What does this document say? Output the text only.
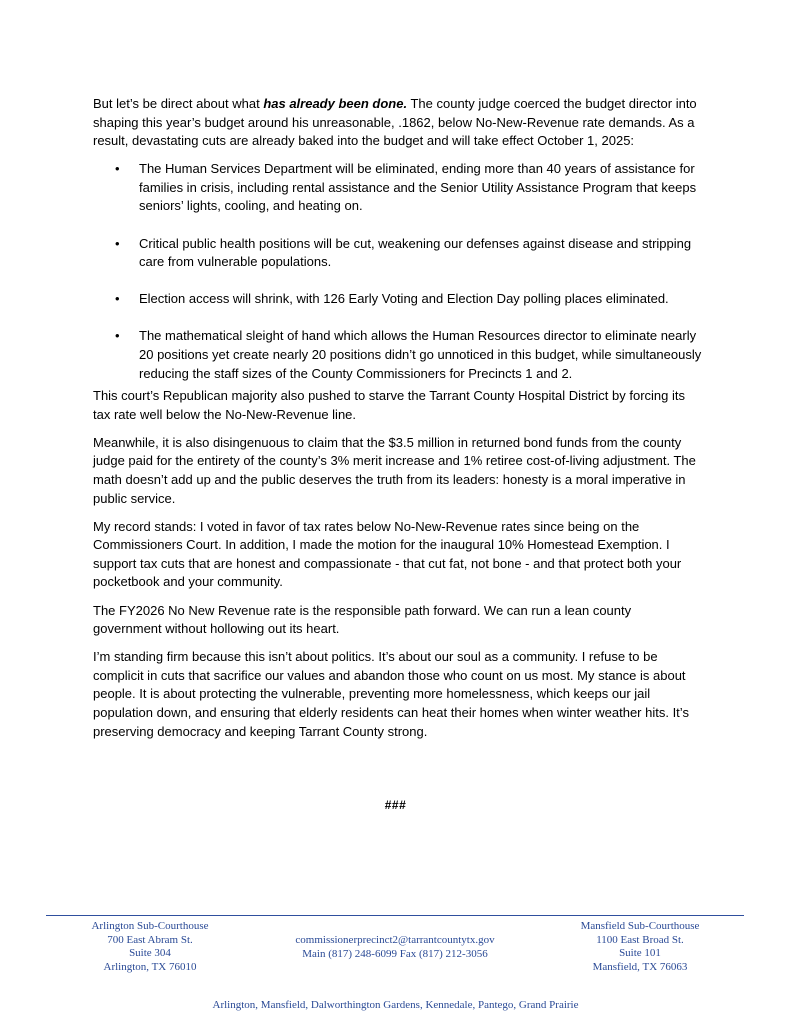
But let’s be direct about what has already been done. The county judge coerced the budget director into shaping this year’s budget around his unreasonable, .1862, below No-New-Revenue rate demands. As a result, devastating cuts are already baked into the budget and will take effect October 1, 2025:

• The Human Services Department will be eliminated, ending more than 40 years of assistance for families in crisis, including rental assistance and the Senior Utility Assistance Program that keeps seniors’ lights, cooling, and heating on.
• Critical public health positions will be cut, weakening our defenses against disease and stripping care from vulnerable populations.
• Election access will shrink, with 126 Early Voting and Election Day polling places eliminated.
• The mathematical sleight of hand which allows the Human Resources director to eliminate nearly 20 positions yet create nearly 20 positions didn’t go unnoticed in this budget, while simultaneously reducing the staff sizes of the County Commissioners for Precincts 1 and 2.

This court’s Republican majority also pushed to starve the Tarrant County Hospital District by forcing its tax rate well below the No-New-Revenue line.

Meanwhile, it is also disingenuous to claim that the $3.5 million in returned bond funds from the county judge paid for the entirety of the county’s 3% merit increase and 1% retiree cost-of-living adjustment. The math doesn’t add up and the public deserves the truth from its leaders: honesty is a moral imperative in public service.

My record stands: I voted in favor of tax rates below No-New-Revenue rates since being on the Commissioners Court. In addition, I made the motion for the inaugural 10% Homestead Exemption. I support tax cuts that are honest and compassionate - that cut fat, not bone - and that protect both your pocketbook and your community.

The FY2026 No New Revenue rate is the responsible path forward. We can run a lean county government without hollowing out its heart.

I’m standing firm because this isn’t about politics. It’s about our soul as a community. I refuse to be complicit in cuts that sacrifice our values and abandon those who count on us most. My stance is about people. It is about protecting the vulnerable, preventing more homelessness, which keeps our jail population down, and ensuring that elderly residents can heat their homes when winter weather hits. It’s preserving democracy and keeping Tarrant County strong.

###
Arlington Sub-Courthouse
700 East Abram St.
Suite 304
Arlington, TX 76010
commissionerprecinct2@tarrantcountytx.gov
Main (817) 248-6099 Fax (817) 212-3056
Mansfield Sub-Courthouse
1100 East Broad St.
Suite 101
Mansfield, TX 76063
Arlington, Mansfield, Dalworthington Gardens, Kennedale, Pantego, Grand Prairie
